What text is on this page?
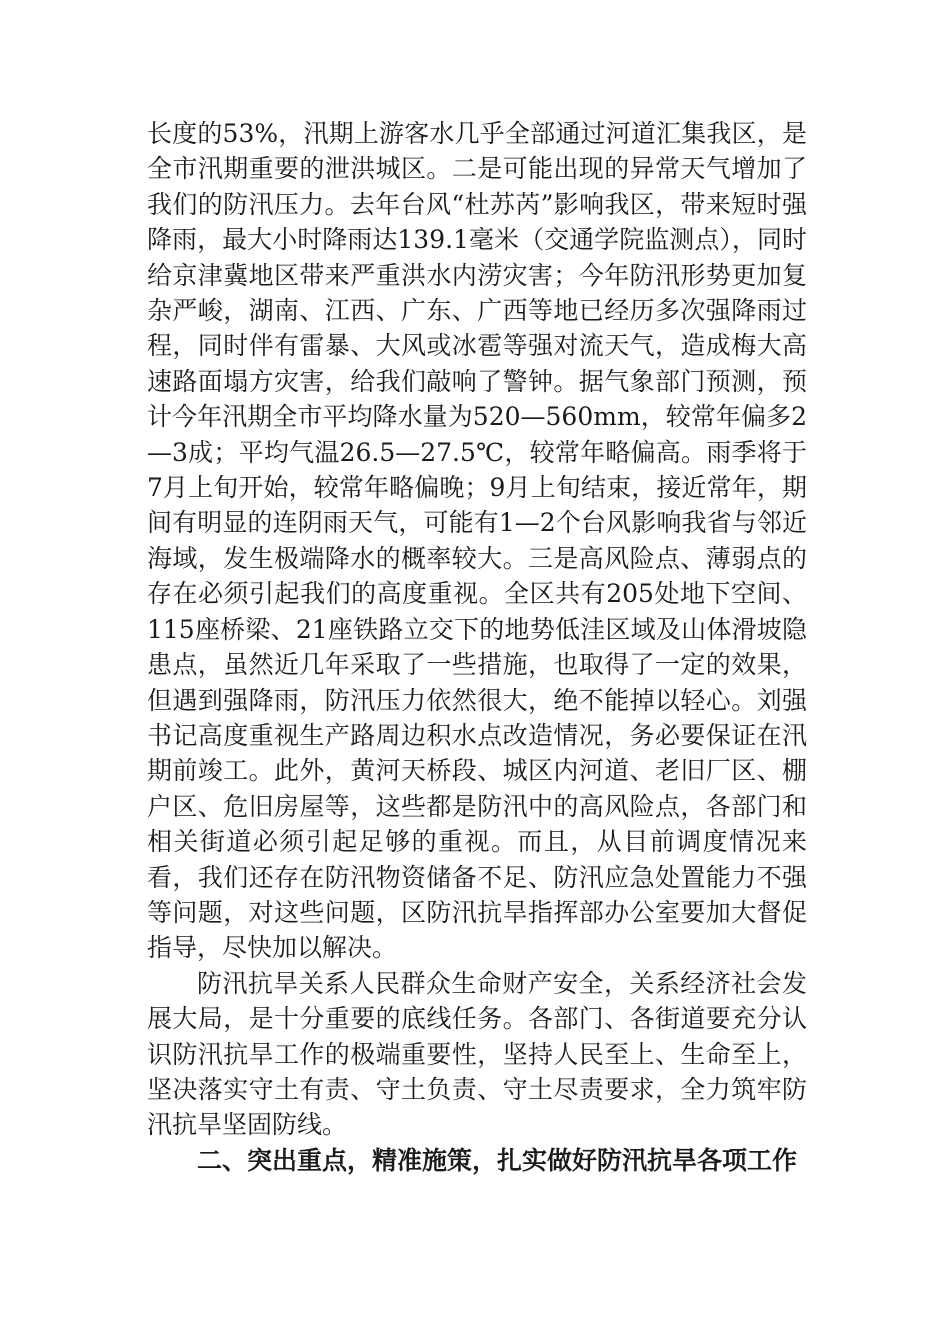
长度的53%，汛期上游客水几乎全部通过河道汇集我区，是全市汛期重要的泄洪城区。二是可能出现的异常天气增加了我们的防汛压力。去年台风“杜苏芮”影响我区，带来短时强降雨，最大小时降雨达139.1毫米（交通学院监测点），同时给京津冀地区带来严重洪水内涝灾害；今年防汛形势更加复杂严峻，湖南、江西、广东、广西等地已经历多次强降雨过程，同时伴有雷暴、大风或冰雹等强对流天气，造成梅大高速路面塌方灾害，给我们敲响了警钟。据气象部门预测，预计今年汛期全市平均降水量为520—560mm，较常年偏多2—3成；平均气温26.5—27.5℃，较常年略偏高。雨季将于7月上旬开始，较常年略偏晚；9月上旬结束，接近常年，期间有明显的连阴雨天气，可能有1—2个台风影响我省与邻近海域，发生极端降水的概率较大。三是高风险点、薄弱点的存在必须引起我们的高度重视。全区共有205处地下空间、115座桥梁、21座铁路立交下的地势低洼区域及山体滑坡隐患点，虽然近几年采取了一些措施，也取得了一定的效果，但遇到强降雨，防汛压力依然很大，绝不能掉以轻心。刘强书记高度重视生产路周边积水点改造情况，务必要保证在汛期前竣工。此外，黄河天桥段、城区内河道、老旧厂区、棚户区、危旧房屋等，这些都是防汛中的高风险点，各部门和相关街道必须引起足够的重视。而且，从目前调度情况来看，我们还存在防汛物资储备不足、防汛应急处置能力不强等问题，对这些问题，区防汛抗旱指挥部办公室要加大督促指导，尽快加以解决。

防汛抗旱关系人民群众生命财产安全，关系经济社会发展大局，是十分重要的底线任务。各部门、各街道要充分认识防汛抗旱工作的极端重要性，坚持人民至上、生命至上，坚决落实守土有责、守土负责、守土尽责要求，全力筑牢防汛抗旱坚固防线。

二、突出重点，精准施策，扎实做好防汛抗旱各项工作
